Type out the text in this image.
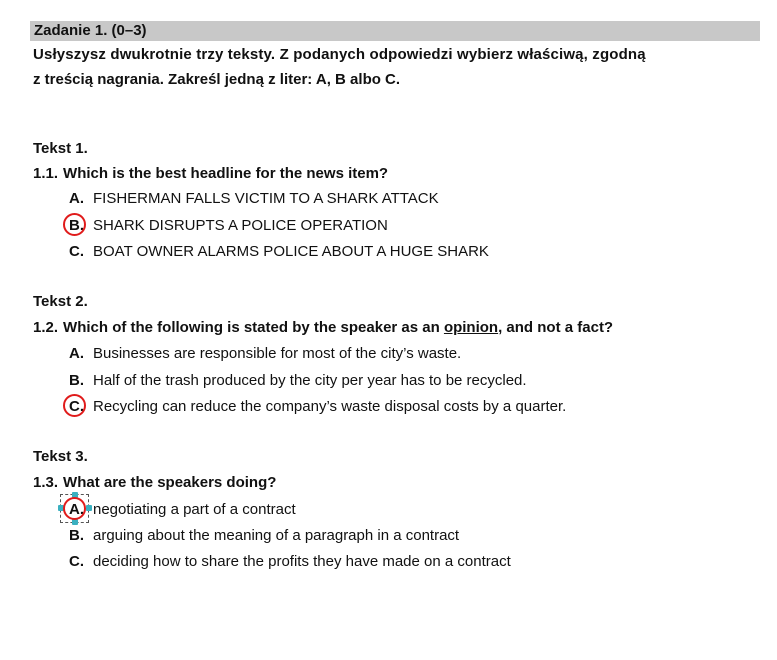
Zadanie 1. (0–3)
Usłyszysz dwukrotnie trzy teksty. Z podanych odpowiedzi wybierz właściwą, zgodną
z treścią nagrania. Zakreśl jedną z liter: A, B albo C.
Tekst 1.
1.1. Which is the best headline for the news item?
A. FISHERMAN FALLS VICTIM TO A SHARK ATTACK
B. SHARK DISRUPTS A POLICE OPERATION
C. BOAT OWNER ALARMS POLICE ABOUT A HUGE SHARK
Tekst 2.
1.2. Which of the following is stated by the speaker as an opinion, and not a fact?
A. Businesses are responsible for most of the city’s waste.
B. Half of the trash produced by the city per year has to be recycled.
C. Recycling can reduce the company’s waste disposal costs by a quarter.
Tekst 3.
1.3. What are the speakers doing?
A. negotiating a part of a contract
B. arguing about the meaning of a paragraph in a contract
C. deciding how to share the profits they have made on a contract
